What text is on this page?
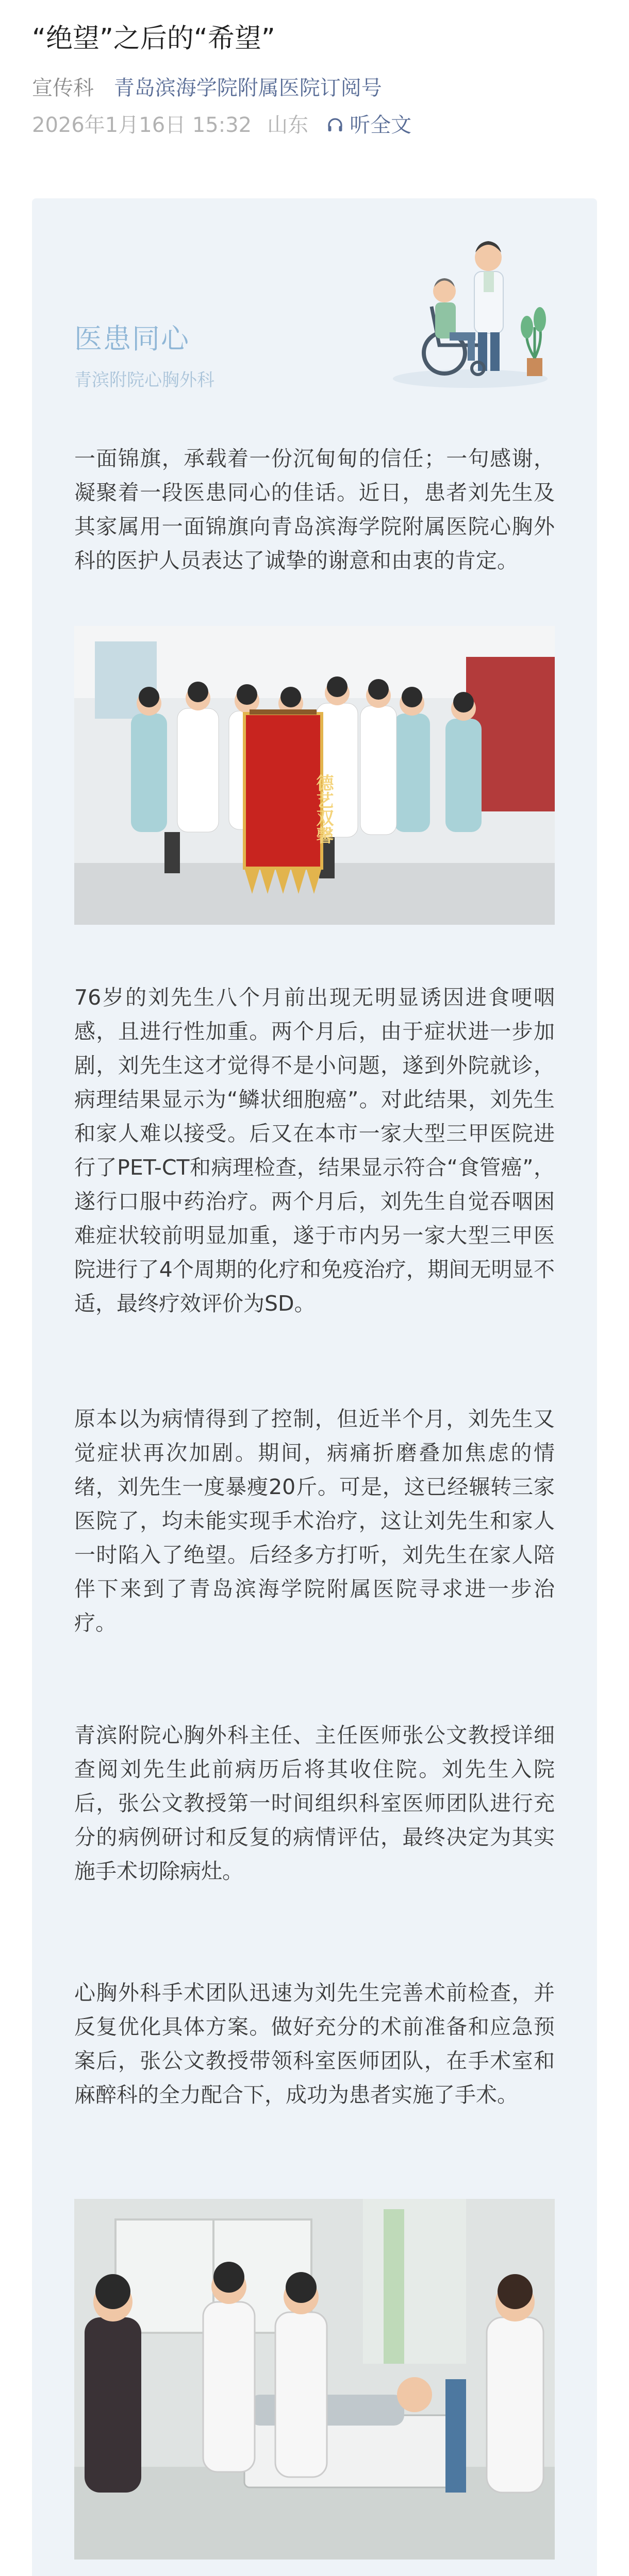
“绝望”之后的“希望”
宣传科 青岛滨海学院附属医院订阅号
2026年1月16日 15:32 山东 听全文
医患同心
青滨附院心胸外科

一面锦旗，承载着一份沉甸甸的信任；一句感谢，凝聚着一段医患同心的佳话。近日，患者刘先生及其家属用一面锦旗向青岛滨海学院附属医院心胸外科的医护人员表达了诚挚的谢意和由衷的肯定。

德艺双馨

76岁的刘先生八个月前出现无明显诱因进食哽咽感，且进行性加重。两个月后，由于症状进一步加剧，刘先生这才觉得不是小问题，遂到外院就诊，病理结果显示为“鳞状细胞癌”。对此结果，刘先生和家人难以接受。后又在本市一家大型三甲医院进行了PET-CT和病理检查，结果显示符合“食管癌”，遂行口服中药治疗。两个月后，刘先生自觉吞咽困难症状较前明显加重，遂于市内另一家大型三甲医院进行了4个周期的化疗和免疫治疗，期间无明显不适，最终疗效评价为SD。

原本以为病情得到了控制，但近半个月，刘先生又觉症状再次加剧。期间，病痛折磨叠加焦虑的情绪，刘先生一度暴瘦20斤。可是，这已经辗转三家医院了，均未能实现手术治疗，这让刘先生和家人一时陷入了绝望。后经多方打听，刘先生在家人陪伴下来到了青岛滨海学院附属医院寻求进一步治疗。

青滨附院心胸外科主任、主任医师张公文教授详细查阅刘先生此前病历后将其收住院。刘先生入院后，张公文教授第一时间组织科室医师团队进行充分的病例研讨和反复的病情评估，最终决定为其实施手术切除病灶。

心胸外科手术团队迅速为刘先生完善术前检查，并反复优化具体方案。做好充分的术前准备和应急预案后，张公文教授带领科室医师团队，在手术室和麻醉科的全力配合下，成功为患者实施了手术。
